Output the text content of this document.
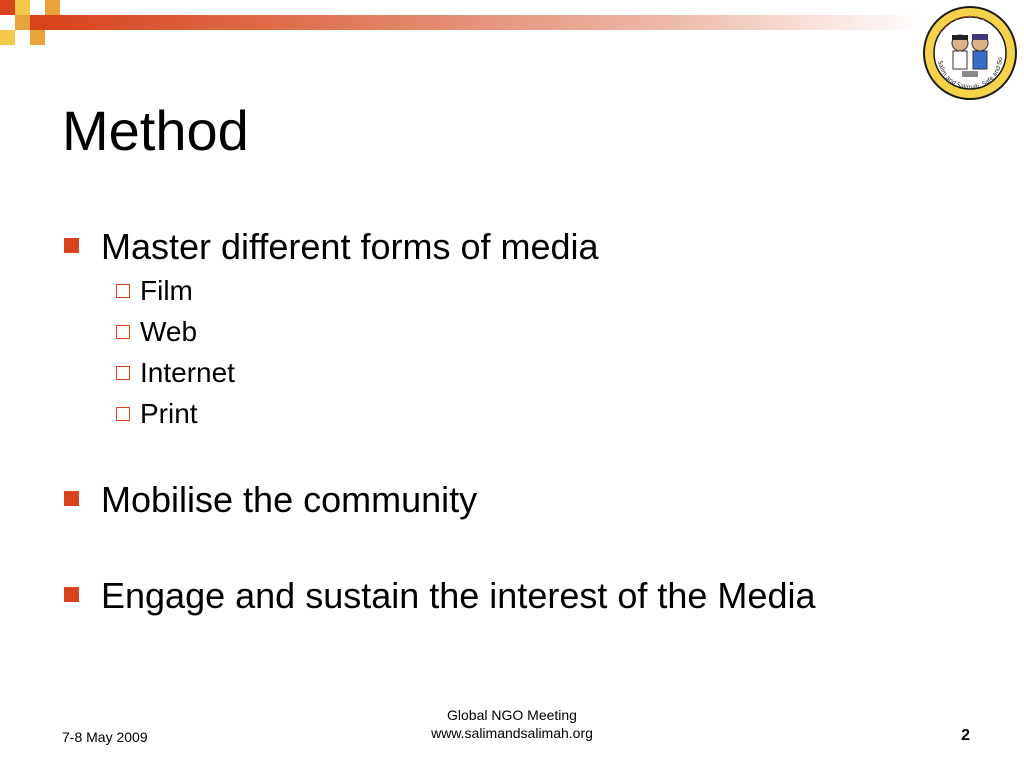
• • • • • • • •
Salim and Salimah, Safe and So
Method
Master different forms of media
Film
Web
Internet
Print
Mobilise the community
Engage and sustain the interest of the Media
7-8 May 2009
Global NGO Meeting
www.salimandsalimah.org	2
